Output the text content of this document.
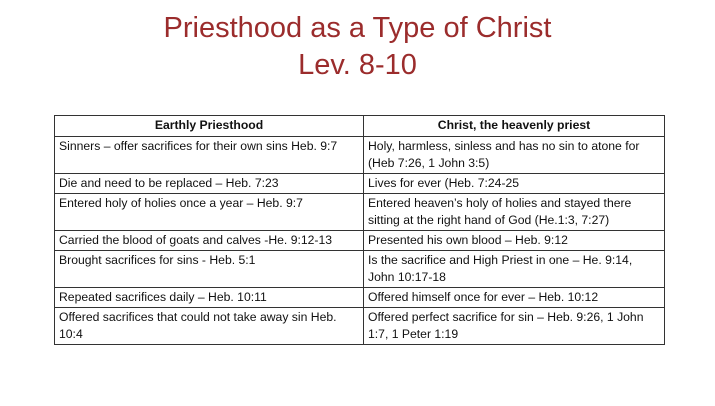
Priesthood as a Type of Christ
Lev. 8-10
Earthly Priesthood	Christ, the heavenly priest
Sinners – offer sacrifices for their own sins Heb. 9:7	Holy, harmless, sinless and has no sin to atone for (Heb 7:26, 1 John 3:5)
Die and need to be replaced – Heb. 7:23	Lives for ever (Heb. 7:24-25
Entered holy of holies once a year – Heb. 9:7	Entered heaven’s holy of holies and stayed there sitting at the right hand of God (He.1:3, 7:27)
Carried the blood of goats and calves -He. 9:12-13	Presented his own blood – Heb. 9:12
Brought sacrifices for sins - Heb. 5:1	Is the sacrifice and High Priest in one – He. 9:14, John 10:17-18
Repeated sacrifices daily – Heb. 10:11	Offered himself once for ever – Heb. 10:12
Offered sacrifices that could not take away sin Heb. 10:4	Offered perfect sacrifice for sin – Heb. 9:26, 1 John 1:7, 1 Peter 1:19
